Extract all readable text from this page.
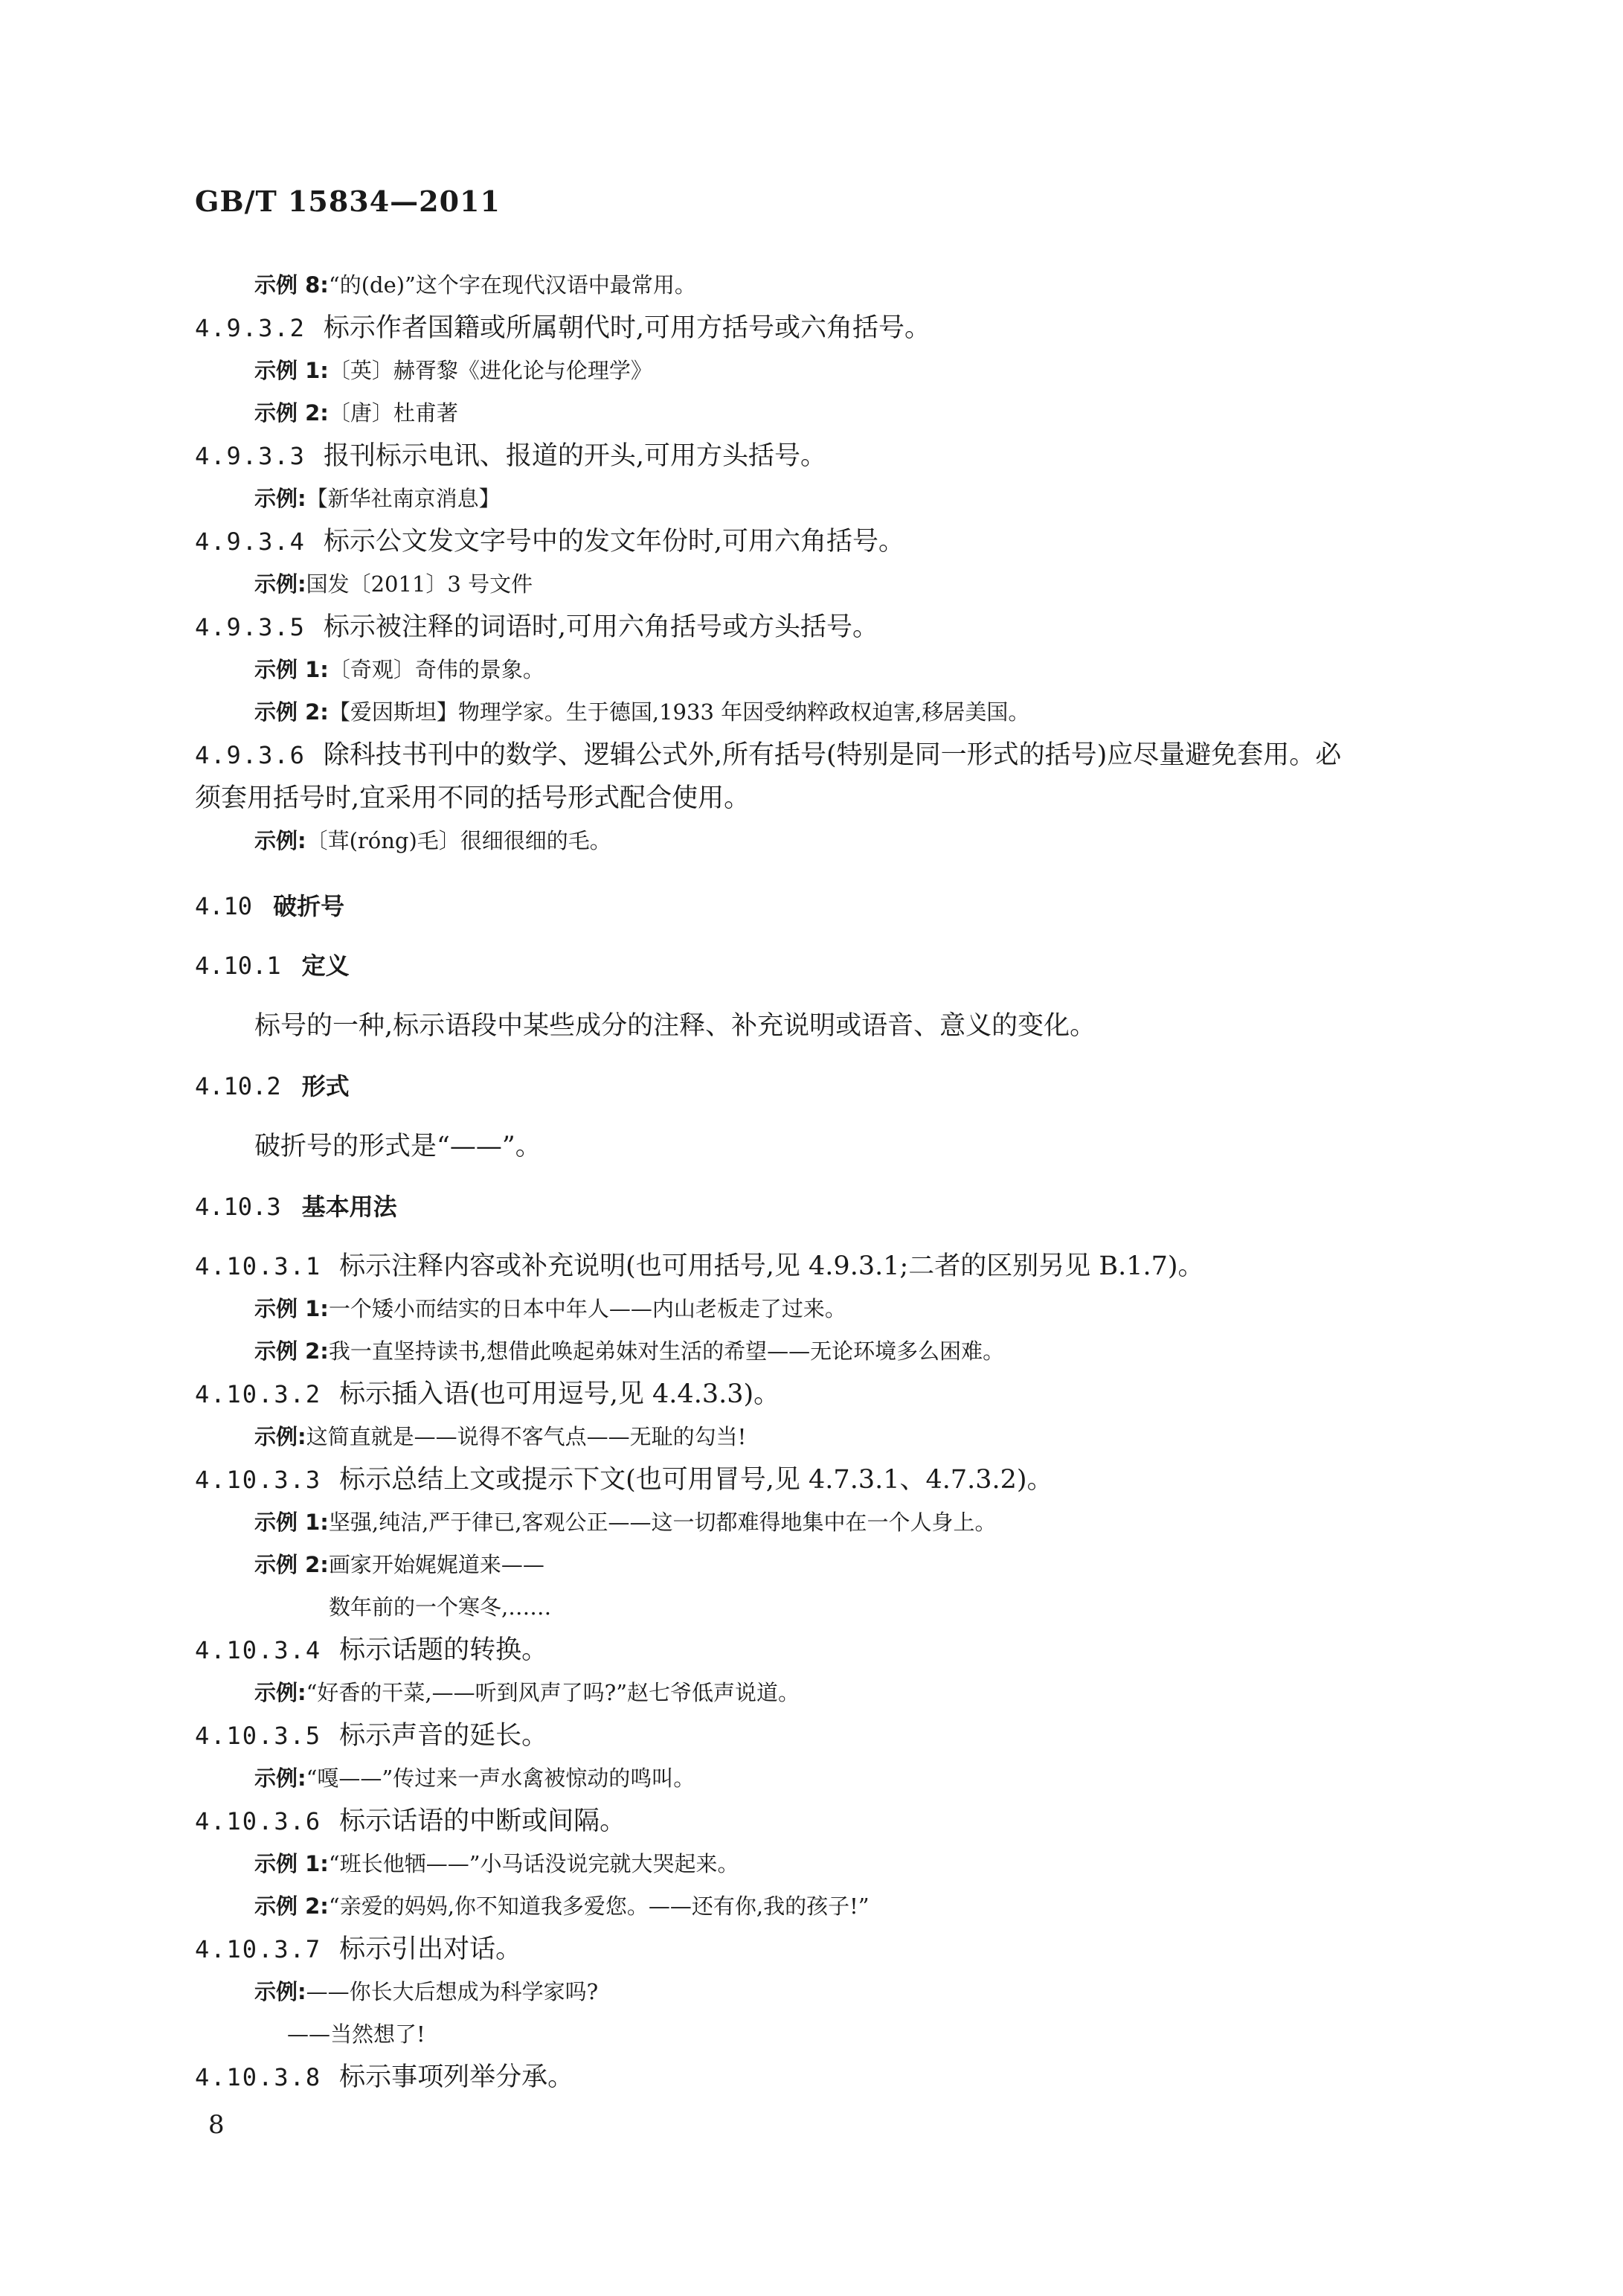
GB/T 15834—2011
示例 8:“的(de)”这个字在现代汉语中最常用。
4.9.3.2 标示作者国籍或所属朝代时,可用方括号或六角括号。
示例 1:〔英〕赫胥黎《进化论与伦理学》
示例 2:〔唐〕杜甫著
4.9.3.3 报刊标示电讯、报道的开头,可用方头括号。
示例:【新华社南京消息】
4.9.3.4 标示公文发文字号中的发文年份时,可用六角括号。
示例:国发〔2011〕3 号文件
4.9.3.5 标示被注释的词语时,可用六角括号或方头括号。
示例 1:〔奇观〕奇伟的景象。
示例 2:【爱因斯坦】物理学家。生于德国,1933 年因受纳粹政权迫害,移居美国。
4.9.3.6 除科技书刊中的数学、逻辑公式外,所有括号(特别是同一形式的括号)应尽量避免套用。必
须套用括号时,宜采用不同的括号形式配合使用。
示例:〔茸(róng)毛〕很细很细的毛。
4.10 破折号
4.10.1 定义
标号的一种,标示语段中某些成分的注释、补充说明或语音、意义的变化。
4.10.2 形式
破折号的形式是“——”。
4.10.3 基本用法
4.10.3.1 标示注释内容或补充说明(也可用括号,见 4.9.3.1;二者的区别另见 B.1.7)。
示例 1:一个矮小而结实的日本中年人——内山老板走了过来。
示例 2:我一直坚持读书,想借此唤起弟妹对生活的希望——无论环境多么困难。
4.10.3.2 标示插入语(也可用逗号,见 4.4.3.3)。
示例:这简直就是——说得不客气点——无耻的勾当!
4.10.3.3 标示总结上文或提示下文(也可用冒号,见 4.7.3.1、4.7.3.2)。
示例 1:坚强,纯洁,严于律已,客观公正——这一切都难得地集中在一个人身上。
示例 2:画家开始娓娓道来——
数年前的一个寒冬,……
4.10.3.4 标示话题的转换。
示例:“好香的干菜,——听到风声了吗?”赵七爷低声说道。
4.10.3.5 标示声音的延长。
示例:“嘎——”传过来一声水禽被惊动的鸣叫。
4.10.3.6 标示话语的中断或间隔。
示例 1:“班长他牺——”小马话没说完就大哭起来。
示例 2:“亲爱的妈妈,你不知道我多爱您。——还有你,我的孩子!”
4.10.3.7 标示引出对话。
示例:——你长大后想成为科学家吗?
——当然想了!
4.10.3.8 标示事项列举分承。
8
